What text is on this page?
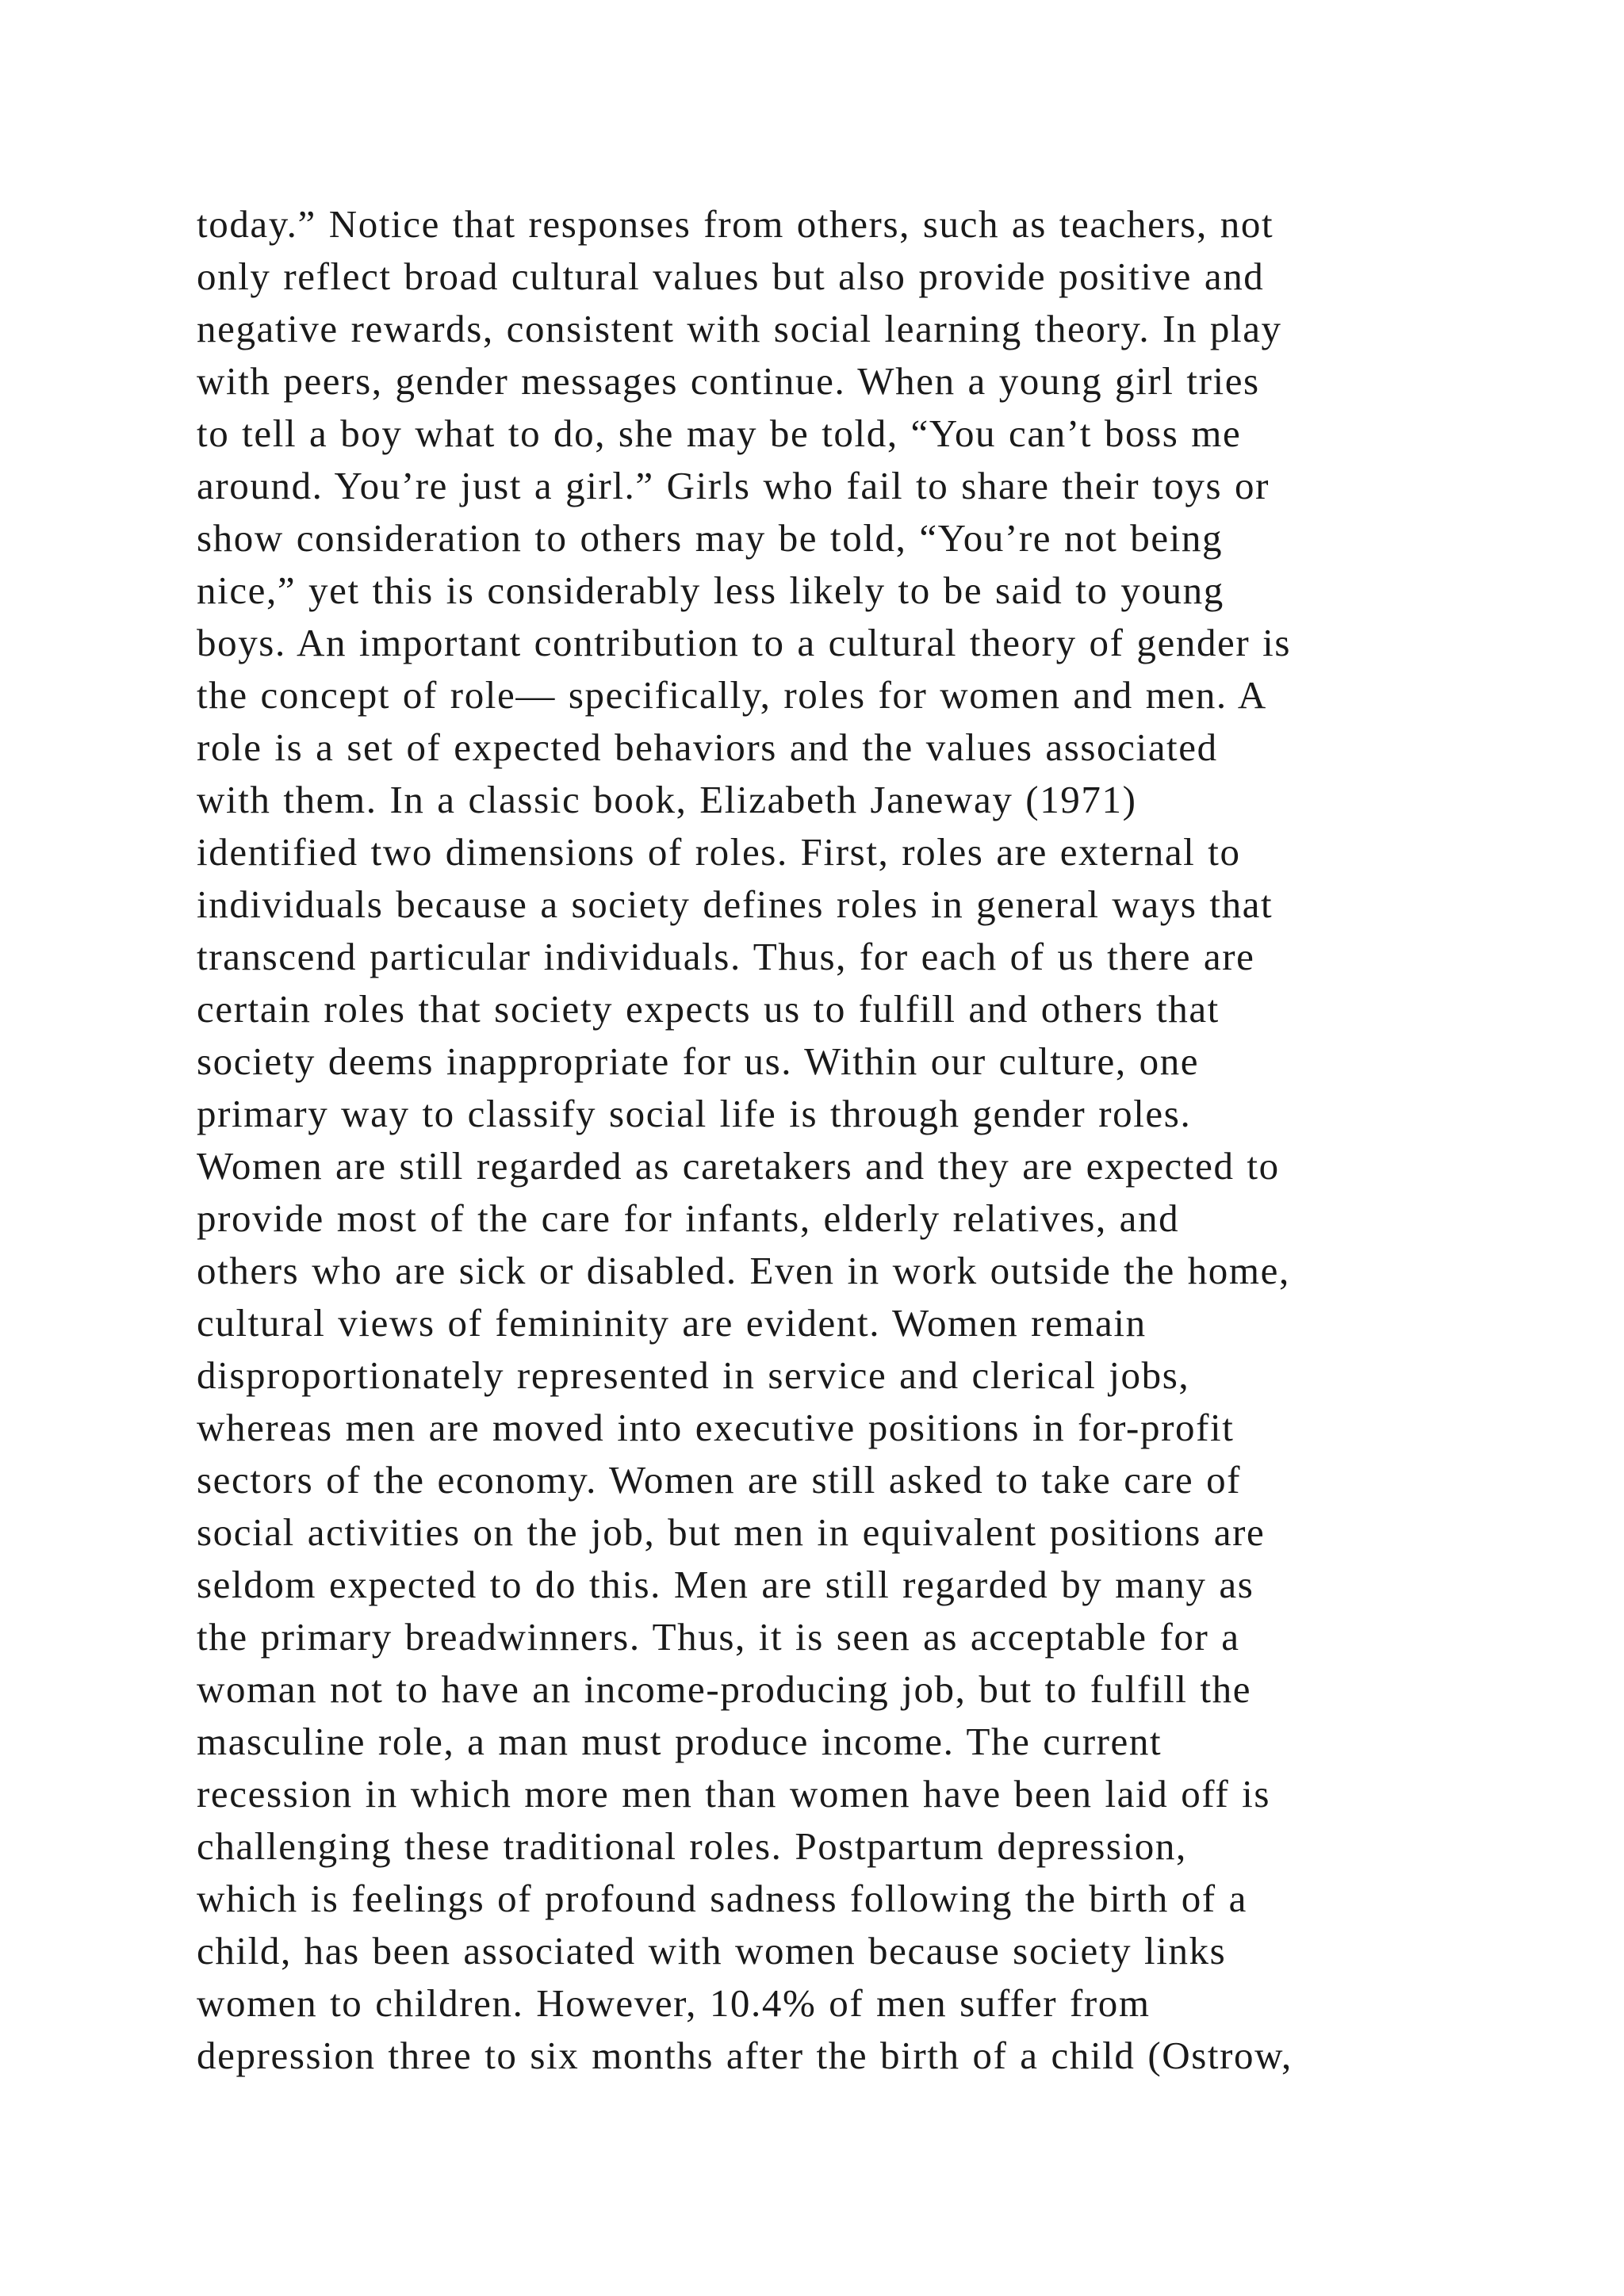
today.” Notice that responses from others, such as teachers, not
only reflect broad cultural values but also provide positive and
negative rewards, consistent with social learning theory. In play
with peers, gender messages continue. When a young girl tries
to tell a boy what to do, she may be told, “You can’t boss me
around. You’re just a girl.” Girls who fail to share their toys or
show consideration to others may be told, “You’re not being
nice,” yet this is considerably less likely to be said to young
boys. An important contribution to a cultural theory of gender is
the concept of role— specifically, roles for women and men. A
role is a set of expected behaviors and the values associated
with them. In a classic book, Elizabeth Janeway (1971)
identified two dimensions of roles. First, roles are external to
individuals because a society defines roles in general ways that
transcend particular individuals. Thus, for each of us there are
certain roles that society expects us to fulfill and others that
society deems inappropriate for us. Within our culture, one
primary way to classify social life is through gender roles.
Women are still regarded as caretakers and they are expected to
provide most of the care for infants, elderly relatives, and
others who are sick or disabled. Even in work outside the home,
cultural views of femininity are evident. Women remain
disproportionately represented in service and clerical jobs,
whereas men are moved into executive positions in for-profit
sectors of the economy. Women are still asked to take care of
social activities on the job, but men in equivalent positions are
seldom expected to do this. Men are still regarded by many as
the primary breadwinners. Thus, it is seen as acceptable for a
woman not to have an income-producing job, but to fulfill the
masculine role, a man must produce income. The current
recession in which more men than women have been laid off is
challenging these traditional roles. Postpartum depression,
which is feelings of profound sadness following the birth of a
child, has been associated with women because society links
women to children. However, 10.4% of men suffer from
depression three to six months after the birth of a child (Ostrow,
